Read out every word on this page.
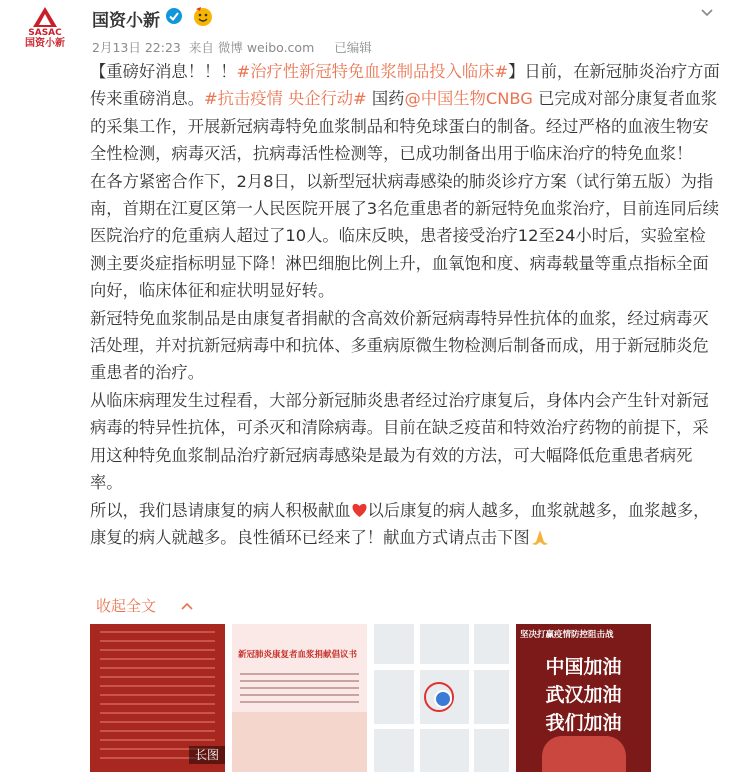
SASAC
国资小新
国资小新
2月13日 22:23 来自 微博 weibo.com 已编辑

【重磅好消息！！！#治疗性新冠特免血浆制品投入临床#】日前，在新冠肺炎治疗方面传来重磅消息。#抗击疫情 央企行动# 国药@中国生物CNBG 已完成对部分康复者血浆的采集工作，开展新冠病毒特免血浆制品和特免球蛋白的制备。经过严格的血液生物安全性检测，病毒灭活，抗病毒活性检测等，已成功制备出用于临床治疗的特免血浆！

在各方紧密合作下，2月8日，以新型冠状病毒感染的肺炎诊疗方案（试行第五版）为指南，首期在江夏区第一人民医院开展了3名危重患者的新冠特免血浆治疗，目前连同后续医院治疗的危重病人超过了10人。临床反映，患者接受治疗12至24小时后，实验室检测主要炎症指标明显下降！淋巴细胞比例上升，血氧饱和度、病毒载量等重点指标全面向好，临床体征和症状明显好转。

新冠特免血浆制品是由康复者捐献的含高效价新冠病毒特异性抗体的血浆，经过病毒灭活处理，并对抗新冠病毒中和抗体、多重病原微生物检测后制备而成，用于新冠肺炎危重患者的治疗。

从临床病理发生过程看，大部分新冠肺炎患者经过治疗康复后，身体内会产生针对新冠病毒的特异性抗体，可杀灭和清除病毒。目前在缺乏疫苗和特效治疗药物的前提下，采用这种特免血浆制品治疗新冠病毒感染是最为有效的方法，可大幅降低危重患者病死率。

所以，我们恳请康复的病人积极献血 以后康复的病人越多，血浆就越多，血浆越多，康复的病人就越多。良性循环已经来了！献血方式请点击下图

收起全文
长图
新冠肺炎康复者血浆捐献倡议书
坚决打赢疫情防控阻击战
中国加油
武汉加油
我们加油
